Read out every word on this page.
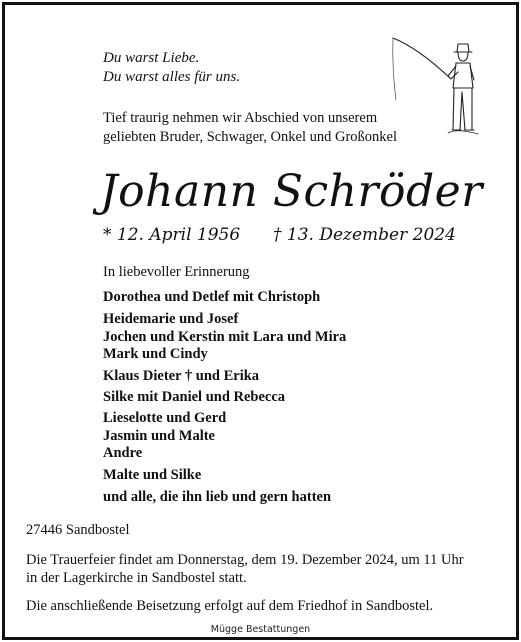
Du warst Liebe.
Du warst alles für uns.
Tief traurig nehmen wir Abschied von unserem
geliebten Bruder, Schwager, Onkel und Großonkel
Johann Schröder
* 12. April 1956 † 13. Dezember 2024
In liebevoller Erinnerung
Dorothea und Detlef mit Christoph
Heidemarie und Josef
Jochen und Kerstin mit Lara und Mira
Mark und Cindy
Klaus Dieter † und Erika
Silke mit Daniel und Rebecca
Lieselotte und Gerd
Jasmin und Malte
Andre
Malte und Silke
und alle, die ihn lieb und gern hatten
27446 Sandbostel
Die Trauerfeier findet am Donnerstag, dem 19. Dezember 2024, um 11 Uhr
in der Lagerkirche in Sandbostel statt.
Die anschließende Beisetzung erfolgt auf dem Friedhof in Sandbostel.
Mügge Bestattungen
